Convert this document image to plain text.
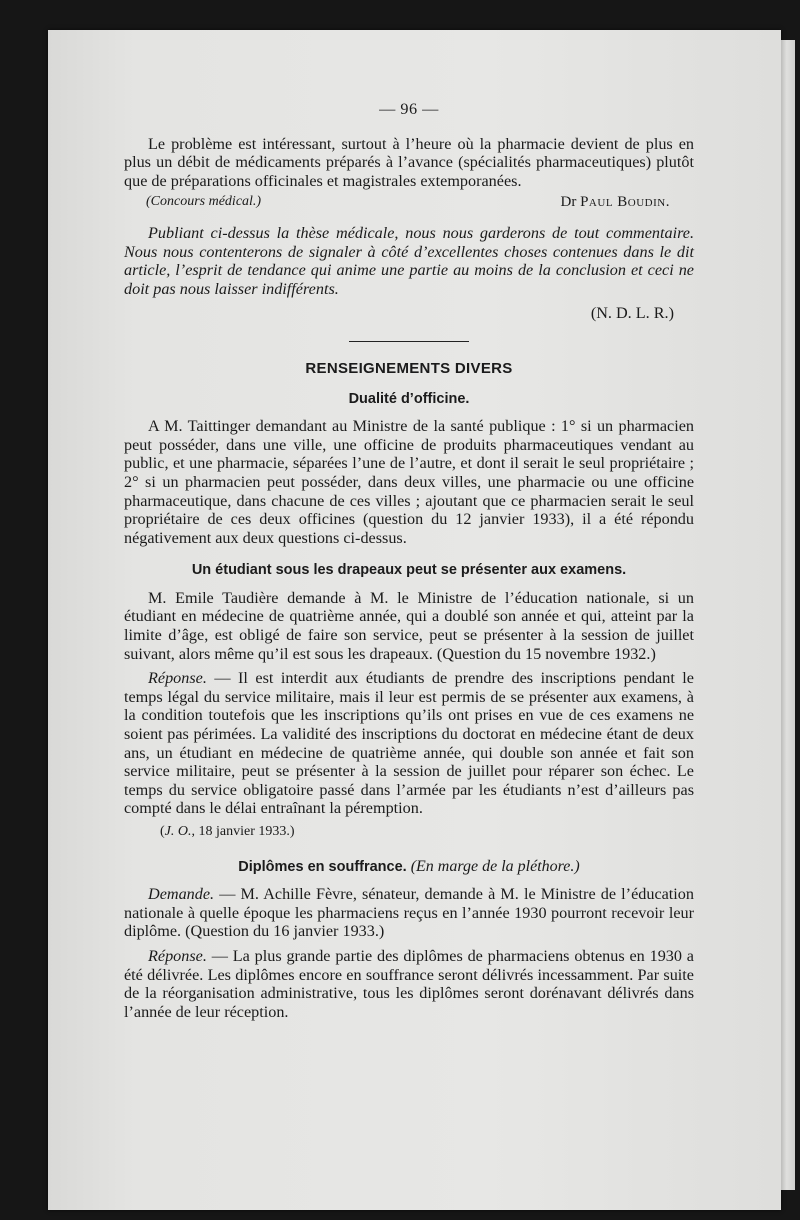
— 96 —

Le problème est intéressant, surtout à l’heure où la pharmacie devient de plus en plus un débit de médicaments préparés à l’avance (spécialités pharmaceutiques) plutôt que de préparations officinales et magistrales extemporanées.

(Concours médical.)	Dr Paul Boudin.

Publiant ci-dessus la thèse médicale, nous nous garderons de tout commentaire. Nous nous contenterons de signaler à côté d’excellentes choses contenues dans le dit article, l’esprit de tendance qui anime une partie au moins de la conclusion et ceci ne doit pas nous laisser indifférents.

(N. D. L. R.)
RENSEIGNEMENTS DIVERS
Dualité d’officine.

A M. Taittinger demandant au Ministre de la santé publique : 1° si un pharmacien peut posséder, dans une ville, une officine de produits pharmaceutiques vendant au public, et une pharmacie, séparées l’une de l’autre, et dont il serait le seul propriétaire ; 2° si un pharmacien peut posséder, dans deux villes, une pharmacie ou une officine pharmaceutique, dans chacune de ces villes ; ajoutant que ce pharmacien serait le seul propriétaire de ces deux officines (question du 12 janvier 1933), il a été répondu négativement aux deux questions ci-dessus.

Un étudiant sous les drapeaux peut se présenter aux examens.

M. Emile Taudière demande à M. le Ministre de l’éducation nationale, si un étudiant en médecine de quatrième année, qui a doublé son année et qui, atteint par la limite d’âge, est obligé de faire son service, peut se présenter à la session de juillet suivant, alors même qu’il est sous les drapeaux. (Question du 15 novembre 1932.)

Réponse. — Il est interdit aux étudiants de prendre des inscriptions pendant le temps légal du service militaire, mais il leur est permis de se présenter aux examens, à la condition toutefois que les inscriptions qu’ils ont prises en vue de ces examens ne soient pas périmées. La validité des inscriptions du doctorat en médecine étant de deux ans, un étudiant en médecine de quatrième année, qui double son année et fait son service militaire, peut se présenter à la session de juillet pour réparer son échec. Le temps du service obligatoire passé dans l’armée par les étudiants n’est d’ailleurs pas compté dans le délai entraînant la péremption.

(J. O., 18 janvier 1933.)
Diplômes en souffrance. (En marge de la pléthore.)

Demande. — M. Achille Fèvre, sénateur, demande à M. le Ministre de l’éducation nationale à quelle époque les pharmaciens reçus en l’année 1930 pourront recevoir leur diplôme. (Question du 16 janvier 1933.)

Réponse. — La plus grande partie des diplômes de pharmaciens obtenus en 1930 a été délivrée. Les diplômes encore en souffrance seront délivrés incessamment. Par suite de la réorganisation administrative, tous les diplômes seront dorénavant délivrés dans l’année de leur réception.
